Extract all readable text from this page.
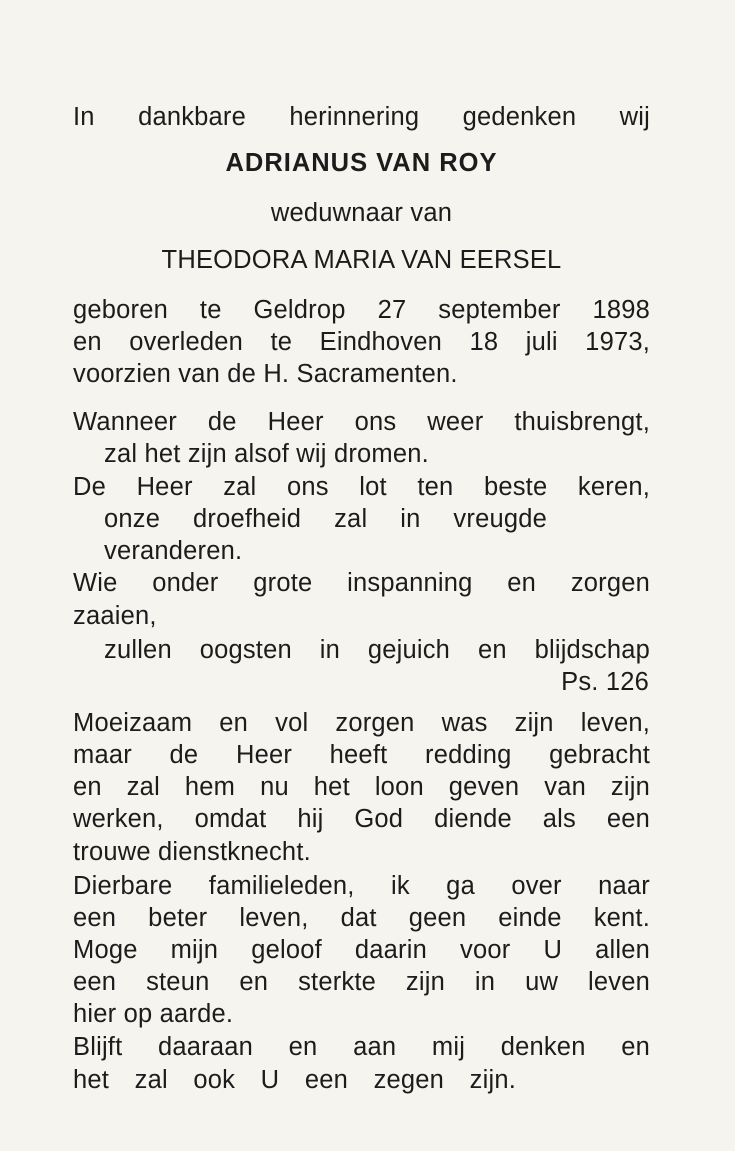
In dankbare herinnering gedenken wij
ADRIANUS VAN ROY
weduwnaar van
THEODORA MARIA VAN EERSEL
geboren te Geldrop 27 september 1898
en overleden te Eindhoven 18 juli 1973,
voorzien van de H. Sacramenten.
Wanneer de Heer ons weer thuisbrengt,
zal het zijn alsof wij dromen.
De Heer zal ons lot ten beste keren,
onze droefheid zal in vreugde
veranderen.
Wie onder grote inspanning en zorgen
zaaien,
zullen oogsten in gejuich en blijdschap
Ps. 126
Moeizaam en vol zorgen was zijn leven,
maar de Heer heeft redding gebracht
en zal hem nu het loon geven van zijn
werken, omdat hij God diende als een
trouwe dienstknecht.
Dierbare familieleden, ik ga over naar
een beter leven, dat geen einde kent.
Moge mijn geloof daarin voor U allen
een steun en sterkte zijn in uw leven
hier op aarde.
Blijft daaraan en aan mij denken en
het zal ook U een zegen zijn.
